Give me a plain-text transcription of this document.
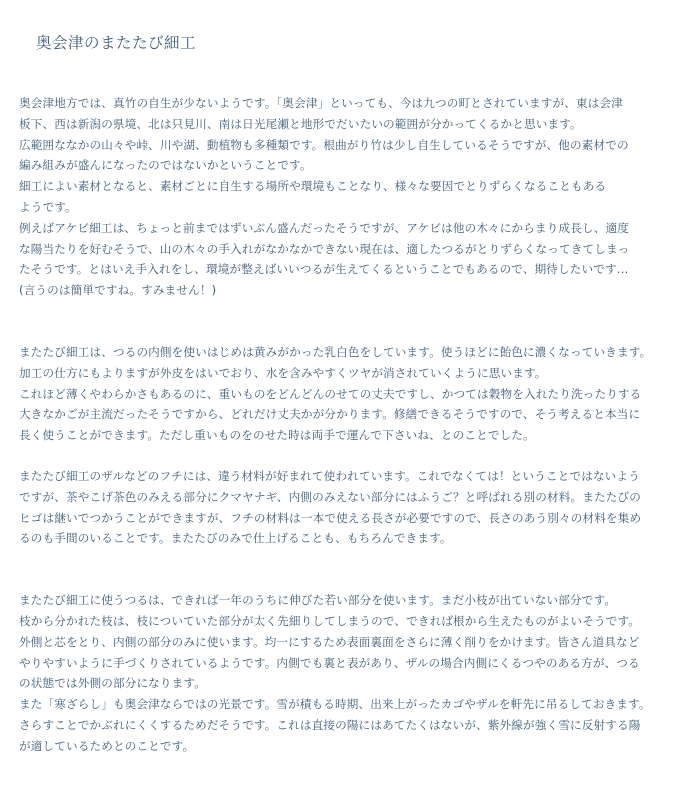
奥会津のまたたび細工
奥会津地方では、真竹の自生が少ないようです。「奥会津」といっても、今は九つの町とされていますが、東は会津
板下、西は新潟の県境、北は只見川、南は日光尾瀬と地形でだいたいの範囲が分かってくるかと思います。
広範囲ななかの山々や峠、川や湖、動植物も多種類です。根曲がり竹は少し自生しているそうですが、他の素材での
編み組みが盛んになったのではないかということです。
細工によい素材となると、素材ごとに自生する場所や環境もことなり、様々な要因でとりずらくなることもある
ようです。
例えばアケビ細工は、ちょっと前まではずいぶん盛んだったそうですが、アケビは他の木々にからまり成長し、適度
な陽当たりを好むそうで、山の木々の手入れがなかなかできない現在は、適したつるがとりずらくなってきてしまっ
たそうです。とはいえ手入れをし、環境が整えばいいつるが生えてくるということでもあるので、期待したいです…
(言うのは簡単ですね。すみません！)
またたび細工は、つるの内側を使いはじめは黄みがかった乳白色をしています。使うほどに飴色に濃くなっていきます。
加工の仕方にもよりますが外皮をはいでおり、水を含みやすくツヤが消されていくように思います。
これほど薄くやわらかさもあるのに、重いものをどんどんのせての丈夫ですし、かつては穀物を入れたり洗ったりする
大きなかごが主流だったそうですから、どれだけ丈夫かが分かります。修繕できるそうですので、そう考えると本当に
長く使うことができます。ただし重いものをのせた時は両手で運んで下さいね、とのことでした。
またたび細工のザルなどのフチには、違う材料が好まれて使われています。これでなくては！ということではないよう
ですが、茶やこげ茶色のみえる部分にクマヤナギ、内側のみえない部分にはふうご？と呼ばれる別の材料。またたびの
ヒゴは継いでつかうことができますが、フチの材料は一本で使える長さが必要ですので、長さのあう別々の材料を集め
るのも手間のいることです。またたびのみで仕上げることも、もちろんできます。
またたび細工に使うつるは、できれば一年のうちに伸びた若い部分を使います。まだ小枝が出ていない部分です。
枝から分かれた枝は、枝についていた部分が太く先細りしてしまうので、できれば根から生えたものがよいそうです。
外側と芯をとり、内側の部分のみに使います。均一にするため表面裏面をさらに薄く削りをかけます。皆さん道具など
やりやすいように手づくりされているようです。内側でも裏と表があり、ザルの場合内側にくるつやのある方が、つる
の状態では外側の部分になります。
また「寒ざらし」も奥会津ならではの光景です。雪が積もる時期、出来上がったカゴやザルを軒先に吊るしておきます。
さらすことでかぶれにくくするためだそうです。これは直接の陽にはあてたくはないが、紫外線が強く雪に反射する陽
が適しているためとのことです。
